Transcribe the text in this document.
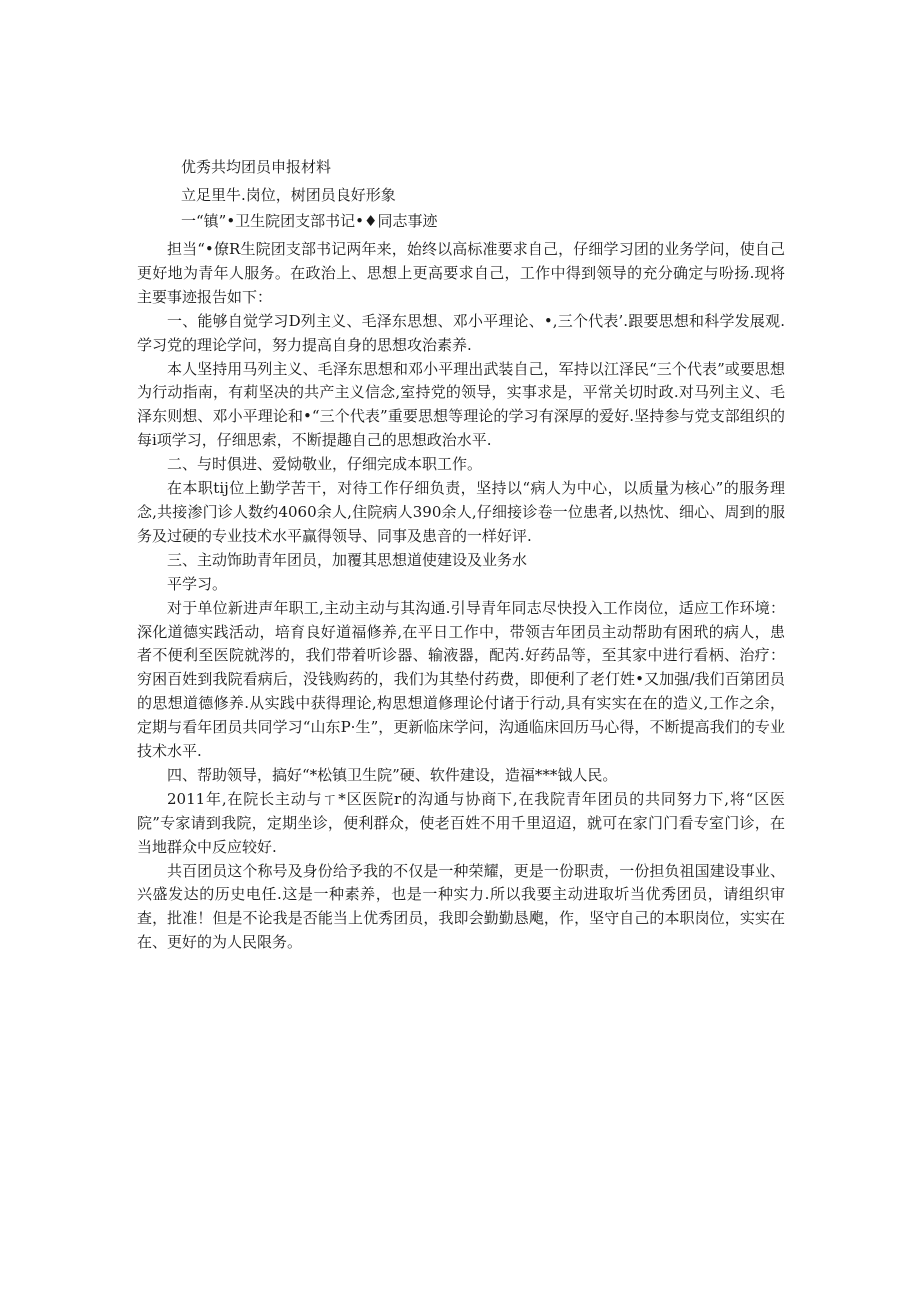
优秀共均团员申报材料
立足里牛.岗位，树团员良好形象
一“镇”•卫生院团支部书记•♦同志事迹

担当“•僚R生院团支部书记两年来，始终以高标准要求自己，仔细学习团的业务学问，使自己更好地为青年人服务。在政治上、思想上更高要求自己，工作中得到领导的充分确定与吩扬.现将主要事迹报告如下：

一、能够自觉学习D列主义、毛泽东思想、邓小平理论、•,三个代表’.跟要思想和科学发展观.学习党的理论学问，努力提高自身的思想攻治素养.

本人坚持用马列主义、毛泽东思想和邓小平理出武装自己，军持以江泽民“三个代表”或要思想为行动指南，有莉坚决的共产主义信念,室持党的领导，实事求是，平常关切时政.对马列主义、毛泽东则想、邓小平理论和•“三个代表”重要思想等理论的学习有深厚的爱好.坚持参与党支部组织的每i项学习，仔细思索，不断提趣自己的思想政治水平.

二、与时俱进、爱恸敬业，仔细完成本职工作。

在本职tij位上勤学苦干，对待工作仔细负责，坚持以“病人为中心，以质量为核心”的服务理念,共接渗门诊人数约4060余人,住院病人390余人,仔细接诊卷一位患者,以热忱、细心、周到的服务及过硬的专业技术水平赢得领导、同事及患音的一样好评.

三、主动饰助青年团员，加覆其思想道使建设及业务水

平学习。

对于单位新进声年职工,主动主动与其沟通.引导青年同志尽快投入工作岗位，适应工作环境：深化道德实践活动，培育良好道福修养,在平日工作中，带领吉年团员主动帮助有困玳的病人，患者不便利至医院就涔的，我们带着听诊器、输液器，配芮.好药品等，至其家中进行看柄、治疗：穷困百姓到我院看病后，没钱购药的，我们为其垫付药费，即便利了老仃姓•又加强/我们百第团员的思想道德修养.从实践中获得理论,构思想道修理论付诸于行动,具有实实在在的造义,工作之余，定期与看年团员共同学习“山东P·生”，更新临床学问，沟通临床回历马心得，不断提高我们的专业技术水平.

四、帮助领导，搞好“*松镇卫生院”硬、软件建设，造福***钺人民。

2011年,在院长主动与ㄒ*区医院r的沟通与协商下,在我院青年团员的共同努力下,将“区医院”专家请到我院，定期坐诊，便利群众，使老百姓不用千里迢迢，就可在家门门看专室门诊，在当地群众中反应较好.

共百团员这个称号及身份给予我的不仅是一种荣耀，更是一份职责，一份担负祖国建设事业、兴盛发达的历史电任.这是一种素养，也是一种实力.所以我要主动进取圻当优秀团员，请组织审查，批准！但是不论我是否能当上优秀团员，我即会勤勤恳飑，作，坚守自己的本职岗位，实实在在、更好的为人民限务。
